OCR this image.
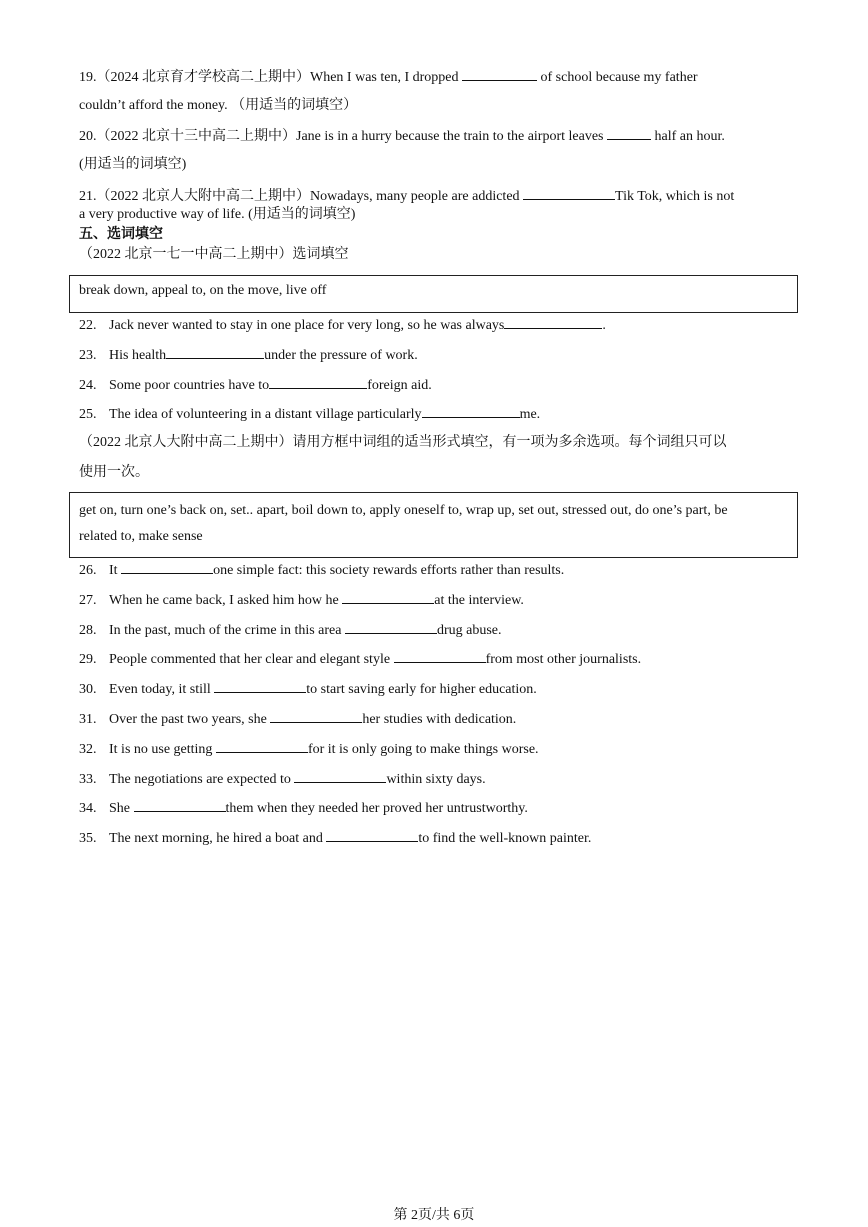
19.（2024 北京育才学校高二上期中）When I was ten, I dropped	of school because my father
couldn’t afford the money. （用适当的词填空）
20.（2022 北京十三中高二上期中）Jane is in a hurry because the train to the airport leaves	half an hour.
(用适当的词填空)
21.（2022 北京人大附中高二上期中）Nowadays, many people are addicted	Tik Tok, which is not
a very productive way of life. (用适当的词填空)
五、选词填空
（2022 北京一七一中高二上期中）选词填空
break down, appeal to, on the move, live off
22. Jack never wanted to stay in one place for very long, so he was always	.
23. His health	under the pressure of work.
24. Some poor countries have to	foreign aid.
25. The idea of volunteering in a distant village particularly	me.
（2022 北京人大附中高二上期中）请用方框中词组的适当形式填空，有一项为多余选项。每个词组只可以
使用一次。
get on, turn one’s back on, set.. apart, boil down to, apply oneself to, wrap up, set out, stressed out, do one’s part, be
related to, make sense
26. It	one simple fact: this society rewards efforts rather than results.
27. When he came back, I asked him how he	at the interview.
28. In the past, much of the crime in this area	drug abuse.
29. People commented that her clear and elegant style	from most other journalists.
30. Even today, it still	to start saving early for higher education.
31. Over the past two years, she	her studies with dedication.
32. It is no use getting	for it is only going to make things worse.
33. The negotiations are expected to	within sixty days.
34. She	them when they needed her proved her untrustworthy.
35. The next morning, he hired a boat and	to find the well-known painter.
第 2页/共 6页
